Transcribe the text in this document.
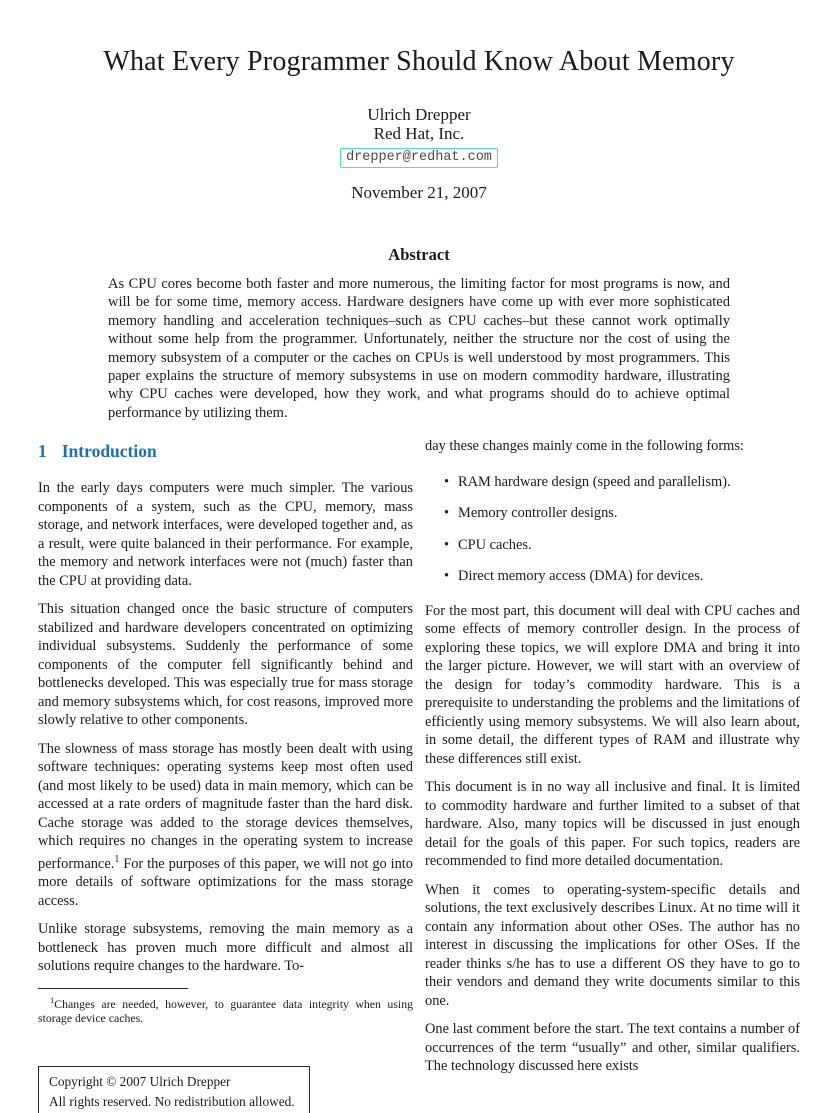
What Every Programmer Should Know About Memory
Ulrich Drepper
Red Hat, Inc.
drepper@redhat.com
November 21, 2007
Abstract

As CPU cores become both faster and more numerous, the limiting factor for most programs is now, and will be for some time, memory access. Hardware designers have come up with ever more sophisticated memory handling and acceleration techniques–such as CPU caches–but these cannot work optimally without some help from the programmer. Unfortunately, neither the structure nor the cost of using the memory subsystem of a computer or the caches on CPUs is well understood by most programmers. This paper explains the structure of memory subsystems in use on modern commodity hardware, illustrating why CPU caches were developed, how they work, and what programs should do to achieve optimal performance by utilizing them.

1 Introduction

In the early days computers were much simpler. The various components of a system, such as the CPU, memory, mass storage, and network interfaces, were developed together and, as a result, were quite balanced in their performance. For example, the memory and network interfaces were not (much) faster than the CPU at providing data.

This situation changed once the basic structure of computers stabilized and hardware developers concentrated on optimizing individual subsystems. Suddenly the performance of some components of the computer fell significantly behind and bottlenecks developed. This was especially true for mass storage and memory subsystems which, for cost reasons, improved more slowly relative to other components.

The slowness of mass storage has mostly been dealt with using software techniques: operating systems keep most often used (and most likely to be used) data in main memory, which can be accessed at a rate orders of magnitude faster than the hard disk. Cache storage was added to the storage devices themselves, which requires no changes in the operating system to increase performance.$^1$ For the purposes of this paper, we will not go into more details of software optimizations for the mass storage access.

Unlike storage subsystems, removing the main memory as a bottleneck has proven much more difficult and almost all solutions require changes to the hardware. To-

$^1$Changes are needed, however, to guarantee data integrity when using storage device caches.

Copyright © 2007 Ulrich Drepper
All rights reserved. No redistribution allowed.

day these changes mainly come in the following forms:

• RAM hardware design (speed and parallelism).
• Memory controller designs.
• CPU caches.
• Direct memory access (DMA) for devices.

For the most part, this document will deal with CPU caches and some effects of memory controller design. In the process of exploring these topics, we will explore DMA and bring it into the larger picture. However, we will start with an overview of the design for today’s commodity hardware. This is a prerequisite to understanding the problems and the limitations of efficiently using memory subsystems. We will also learn about, in some detail, the different types of RAM and illustrate why these differences still exist.

This document is in no way all inclusive and final. It is limited to commodity hardware and further limited to a subset of that hardware. Also, many topics will be discussed in just enough detail for the goals of this paper. For such topics, readers are recommended to find more detailed documentation.

When it comes to operating-system-specific details and solutions, the text exclusively describes Linux. At no time will it contain any information about other OSes. The author has no interest in discussing the implications for other OSes. If the reader thinks s/he has to use a different OS they have to go to their vendors and demand they write documents similar to this one.

One last comment before the start. The text contains a number of occurrences of the term “usually” and other, similar qualifiers. The technology discussed here exists
